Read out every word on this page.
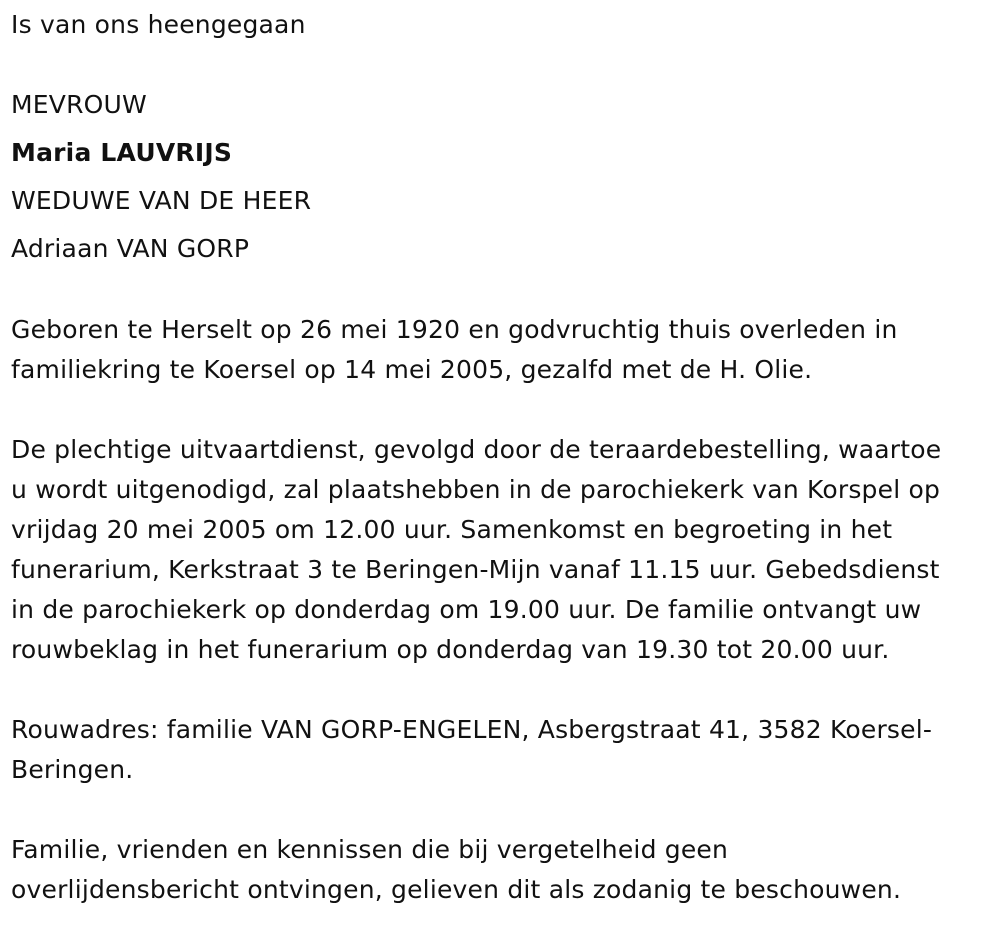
Is van ons heengegaan
MEVROUW
Maria LAUVRIJS
WEDUWE VAN DE HEER
Adriaan VAN GORP
Geboren te Herselt op 26 mei 1920 en godvruchtig thuis overleden in
familiekring te Koersel op 14 mei 2005, gezalfd met de H. Olie.
De plechtige uitvaartdienst, gevolgd door de teraardebestelling, waartoe
u wordt uitgenodigd, zal plaatshebben in de parochiekerk van Korspel op
vrijdag 20 mei 2005 om 12.00 uur. Samenkomst en begroeting in het
funerarium, Kerkstraat 3 te Beringen-Mijn vanaf 11.15 uur. Gebedsdienst
in de parochiekerk op donderdag om 19.00 uur. De familie ontvangt uw
rouwbeklag in het funerarium op donderdag van 19.30 tot 20.00 uur.
Rouwadres: familie VAN GORP-ENGELEN, Asbergstraat 41, 3582 Koersel-
Beringen.
Familie, vrienden en kennissen die bij vergetelheid geen
overlijdensbericht ontvingen, gelieven dit als zodanig te beschouwen.
